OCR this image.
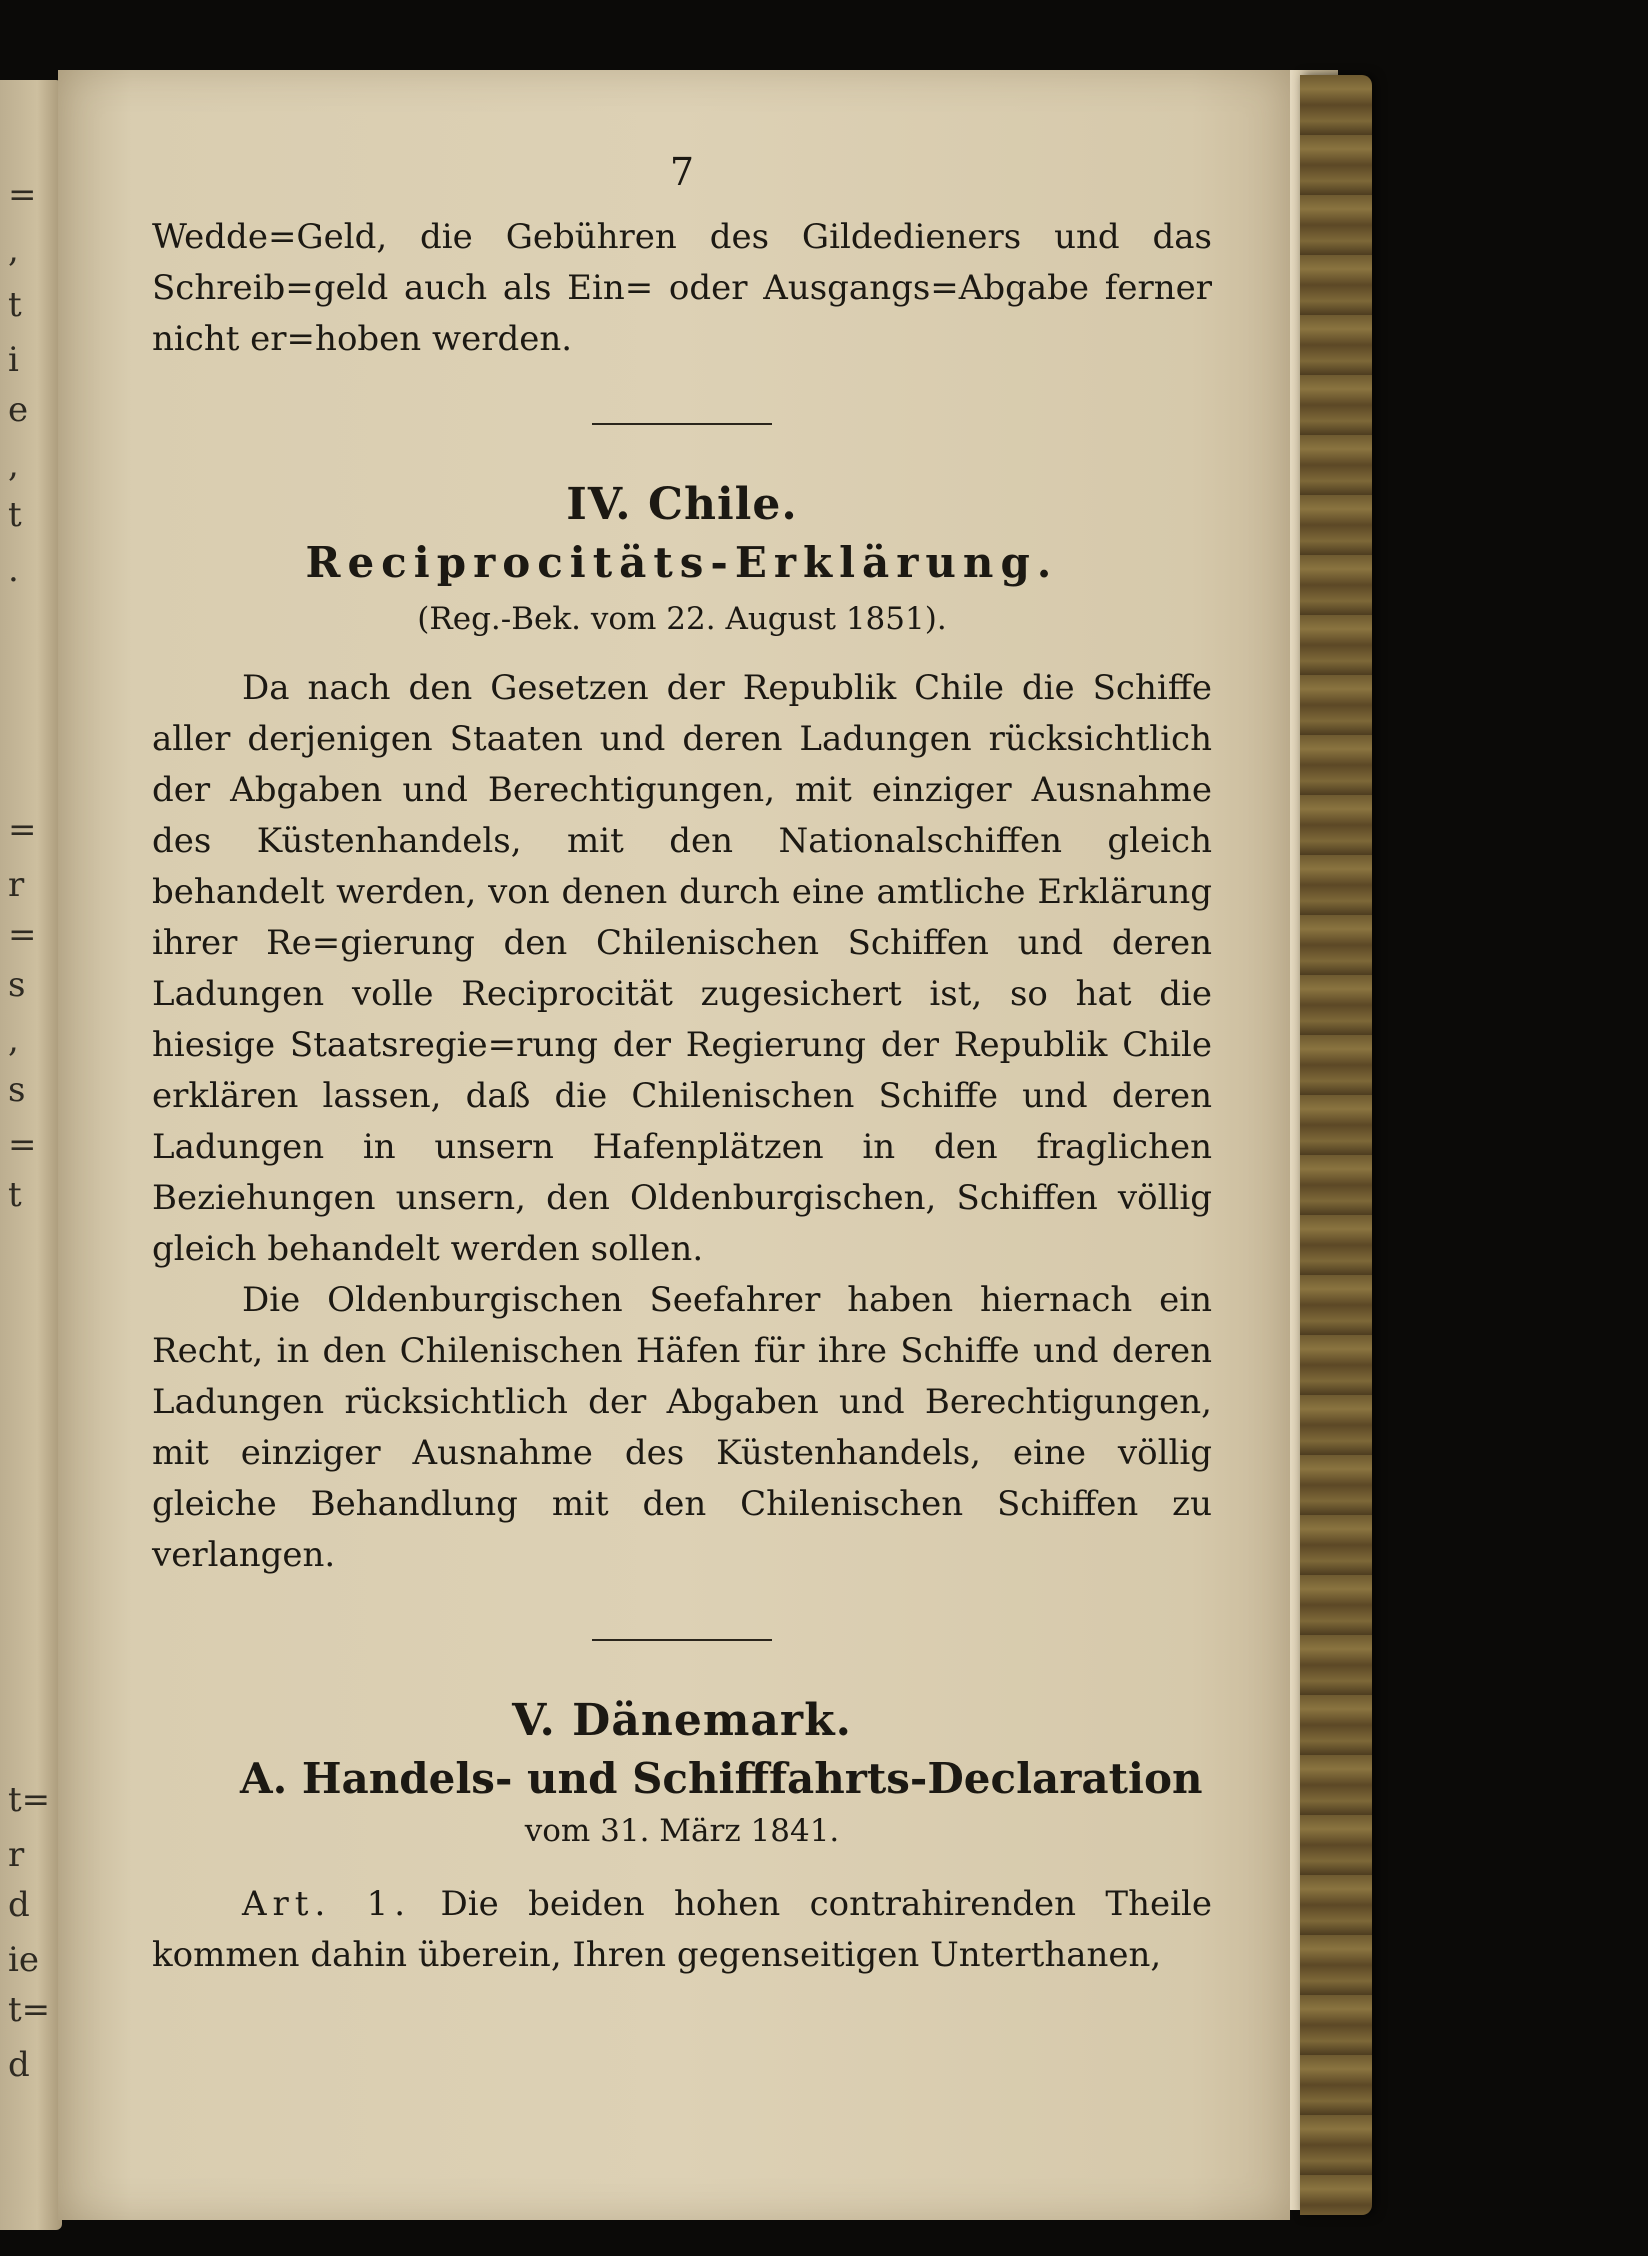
=
,
t
i
e
,
t
.
=
r
=
s
,
s
=
t
t=
r
d
ie
t=
d
7

Wedde=Geld, die Gebühren des Gildedieners und das Schreib=geld auch als Ein= oder Ausgangs=Abgabe ferner nicht er=hoben werden.

IV. Chile.
Reciprocitäts-Erklärung.
(Reg.-Bek. vom 22. August 1851).

Da nach den Gesetzen der Republik Chile die Schiffe aller derjenigen Staaten und deren Ladungen rücksichtlich der Abgaben und Berechtigungen, mit einziger Ausnahme des Küstenhandels, mit den Nationalschiffen gleich behandelt werden, von denen durch eine amtliche Erklärung ihrer Re=gierung den Chilenischen Schiffen und deren Ladungen volle Reciprocität zugesichert ist, so hat die hiesige Staatsregie=rung der Regierung der Republik Chile erklären lassen, daß die Chilenischen Schiffe und deren Ladungen in unsern Hafenplätzen in den fraglichen Beziehungen unsern, den Oldenburgischen, Schiffen völlig gleich behandelt werden sollen.

Die Oldenburgischen Seefahrer haben hiernach ein Recht, in den Chilenischen Häfen für ihre Schiffe und deren Ladungen rücksichtlich der Abgaben und Berechtigungen, mit einziger Ausnahme des Küstenhandels, eine völlig gleiche Behandlung mit den Chilenischen Schiffen zu verlangen.

V. Dänemark.
A. Handels- und Schifffahrts-Declaration
vom 31. März 1841.

Art. 1. Die beiden hohen contrahirenden Theile kommen dahin überein, Ihren gegenseitigen Unterthanen,
